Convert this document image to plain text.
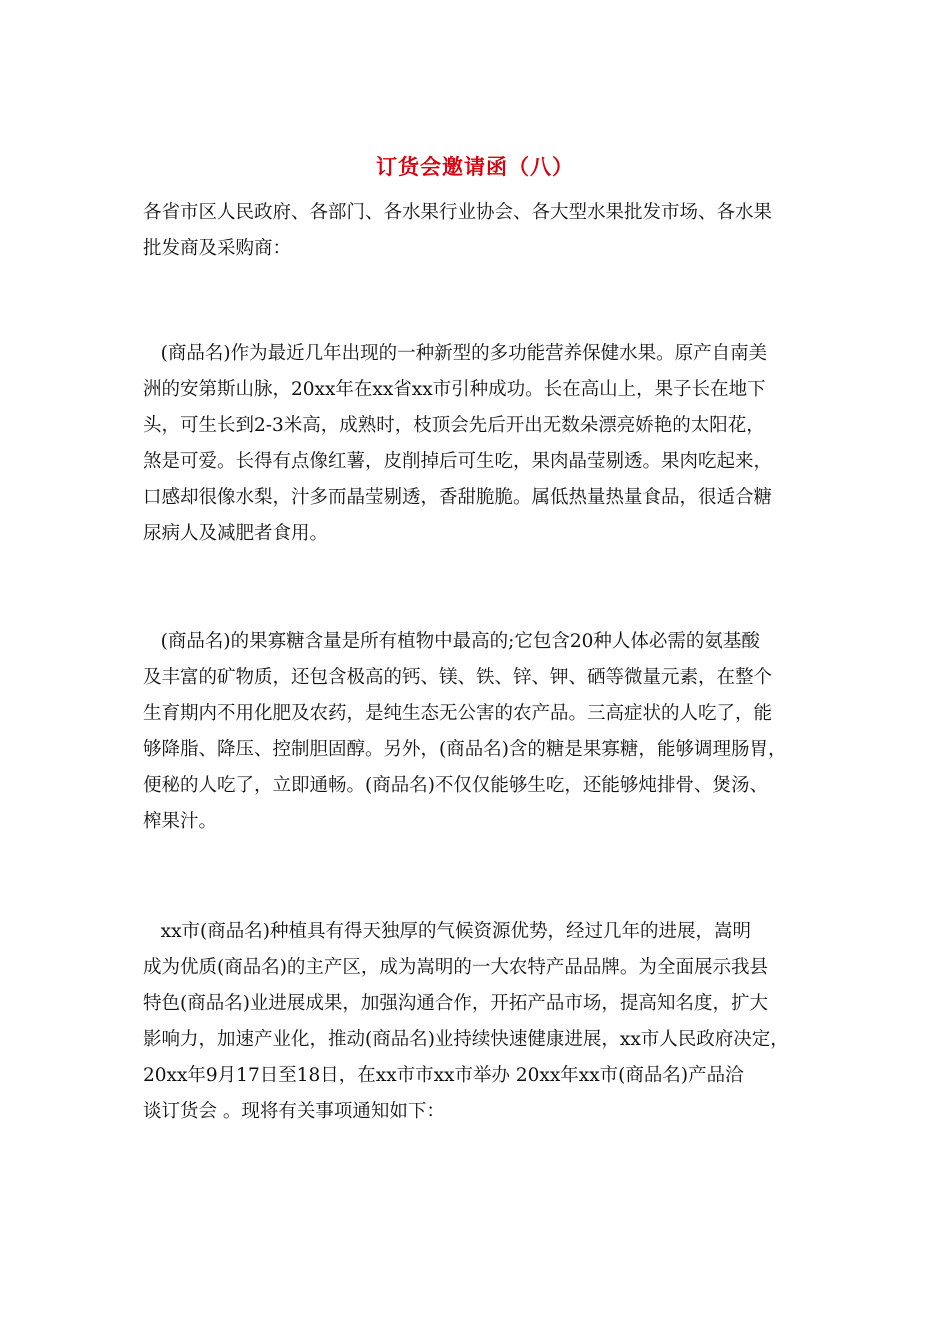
订货会邀请函（八）
各省市区人民政府、各部门、各水果行业协会、各大型水果批发市场、各水果
批发商及采购商：
(商品名)作为最近几年出现的一种新型的多功能营养保健水果。原产自南美
洲的安第斯山脉，20xx年在xx省xx市引种成功。长在高山上，果子长在地下
头，可生长到2-3米高，成熟时，枝顶会先后开出无数朵漂亮娇艳的太阳花，
煞是可爱。长得有点像红薯，皮削掉后可生吃，果肉晶莹剔透。果肉吃起来，
口感却很像水梨，汁多而晶莹剔透，香甜脆脆。属低热量热量食品，很适合糖
尿病人及减肥者食用。
(商品名)的果寡糖含量是所有植物中最高的;它包含20种人体必需的氨基酸
及丰富的矿物质，还包含极高的钙、镁、铁、锌、钾、硒等微量元素，在整个
生育期内不用化肥及农药，是纯生态无公害的农产品。三高症状的人吃了，能
够降脂、降压、控制胆固醇。另外，(商品名)含的糖是果寡糖，能够调理肠胃，
便秘的人吃了，立即通畅。(商品名)不仅仅能够生吃，还能够炖排骨、煲汤、
榨果汁。
xx市(商品名)种植具有得天独厚的气候资源优势，经过几年的进展，嵩明
成为优质(商品名)的主产区，成为嵩明的一大农特产品品牌。为全面展示我县
特色(商品名)业进展成果，加强沟通合作，开拓产品市场，提高知名度，扩大
影响力，加速产业化，推动(商品名)业持续快速健康进展，xx市人民政府决定，
20xx年9月17日至18日，在xx市市xx市举办 20xx年xx市(商品名)产品洽
谈订货会 。现将有关事项通知如下：
